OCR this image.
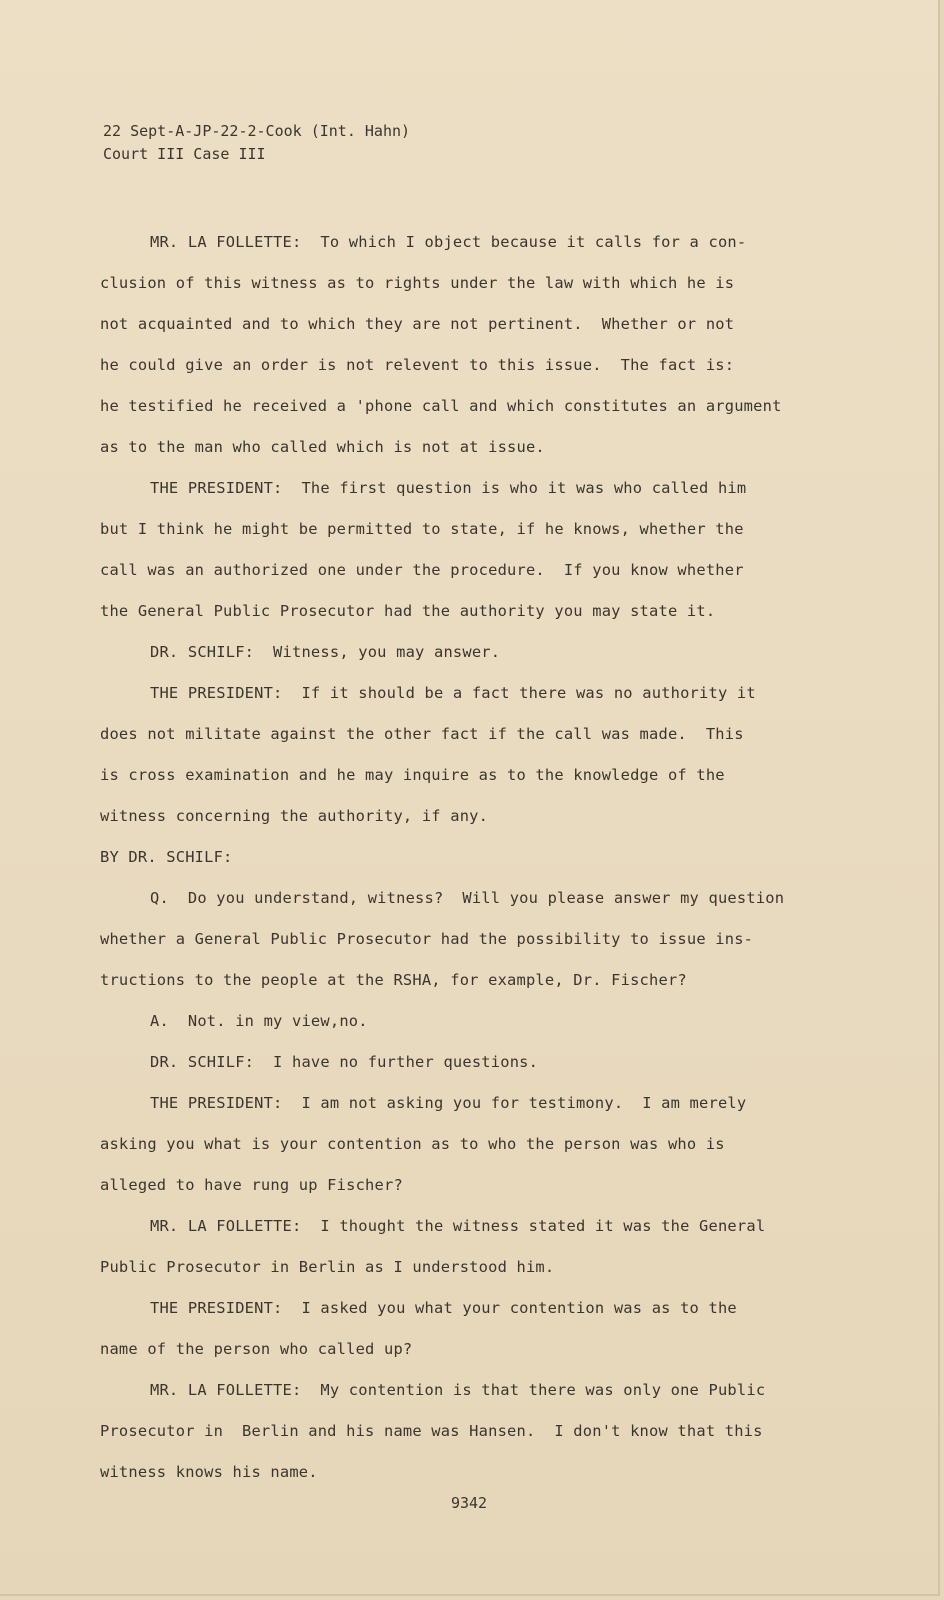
22 Sept-A-JP-22-2-Cook (Int. Hahn)
Court III Case III
MR. LA FOLLETTE:  To which I object because it calls for a con-
clusion of this witness as to rights under the law with which he is
not acquainted and to which they are not pertinent.  Whether or not
he could give an order is not relevent to this issue.  The fact is:
he testified he received a 'phone call and which constitutes an argument
as to the man who called which is not at issue.
THE PRESIDENT:  The first question is who it was who called him
but I think he might be permitted to state, if he knows, whether the
call was an authorized one under the procedure.  If you know whether
the General Public Prosecutor had the authority you may state it.
DR. SCHILF:  Witness, you may answer.
THE PRESIDENT:  If it should be a fact there was no authority it
does not militate against the other fact if the call was made.  This
is cross examination and he may inquire as to the knowledge of the
witness concerning the authority, if any.
BY DR. SCHILF:
Q.  Do you understand, witness?  Will you please answer my question
whether a General Public Prosecutor had the possibility to issue ins-
tructions to the people at the RSHA, for example, Dr. Fischer?
A.  Not. in my view,no.
DR. SCHILF:  I have no further questions.
THE PRESIDENT:  I am not asking you for testimony.  I am merely
asking you what is your contention as to who the person was who is
alleged to have rung up Fischer?
MR. LA FOLLETTE:  I thought the witness stated it was the General
Public Prosecutor in Berlin as I understood him.
THE PRESIDENT:  I asked you what your contention was as to the
name of the person who called up?
MR. LA FOLLETTE:  My contention is that there was only one Public
Prosecutor in  Berlin and his name was Hansen.  I don't know that this
witness knows his name.
9342
